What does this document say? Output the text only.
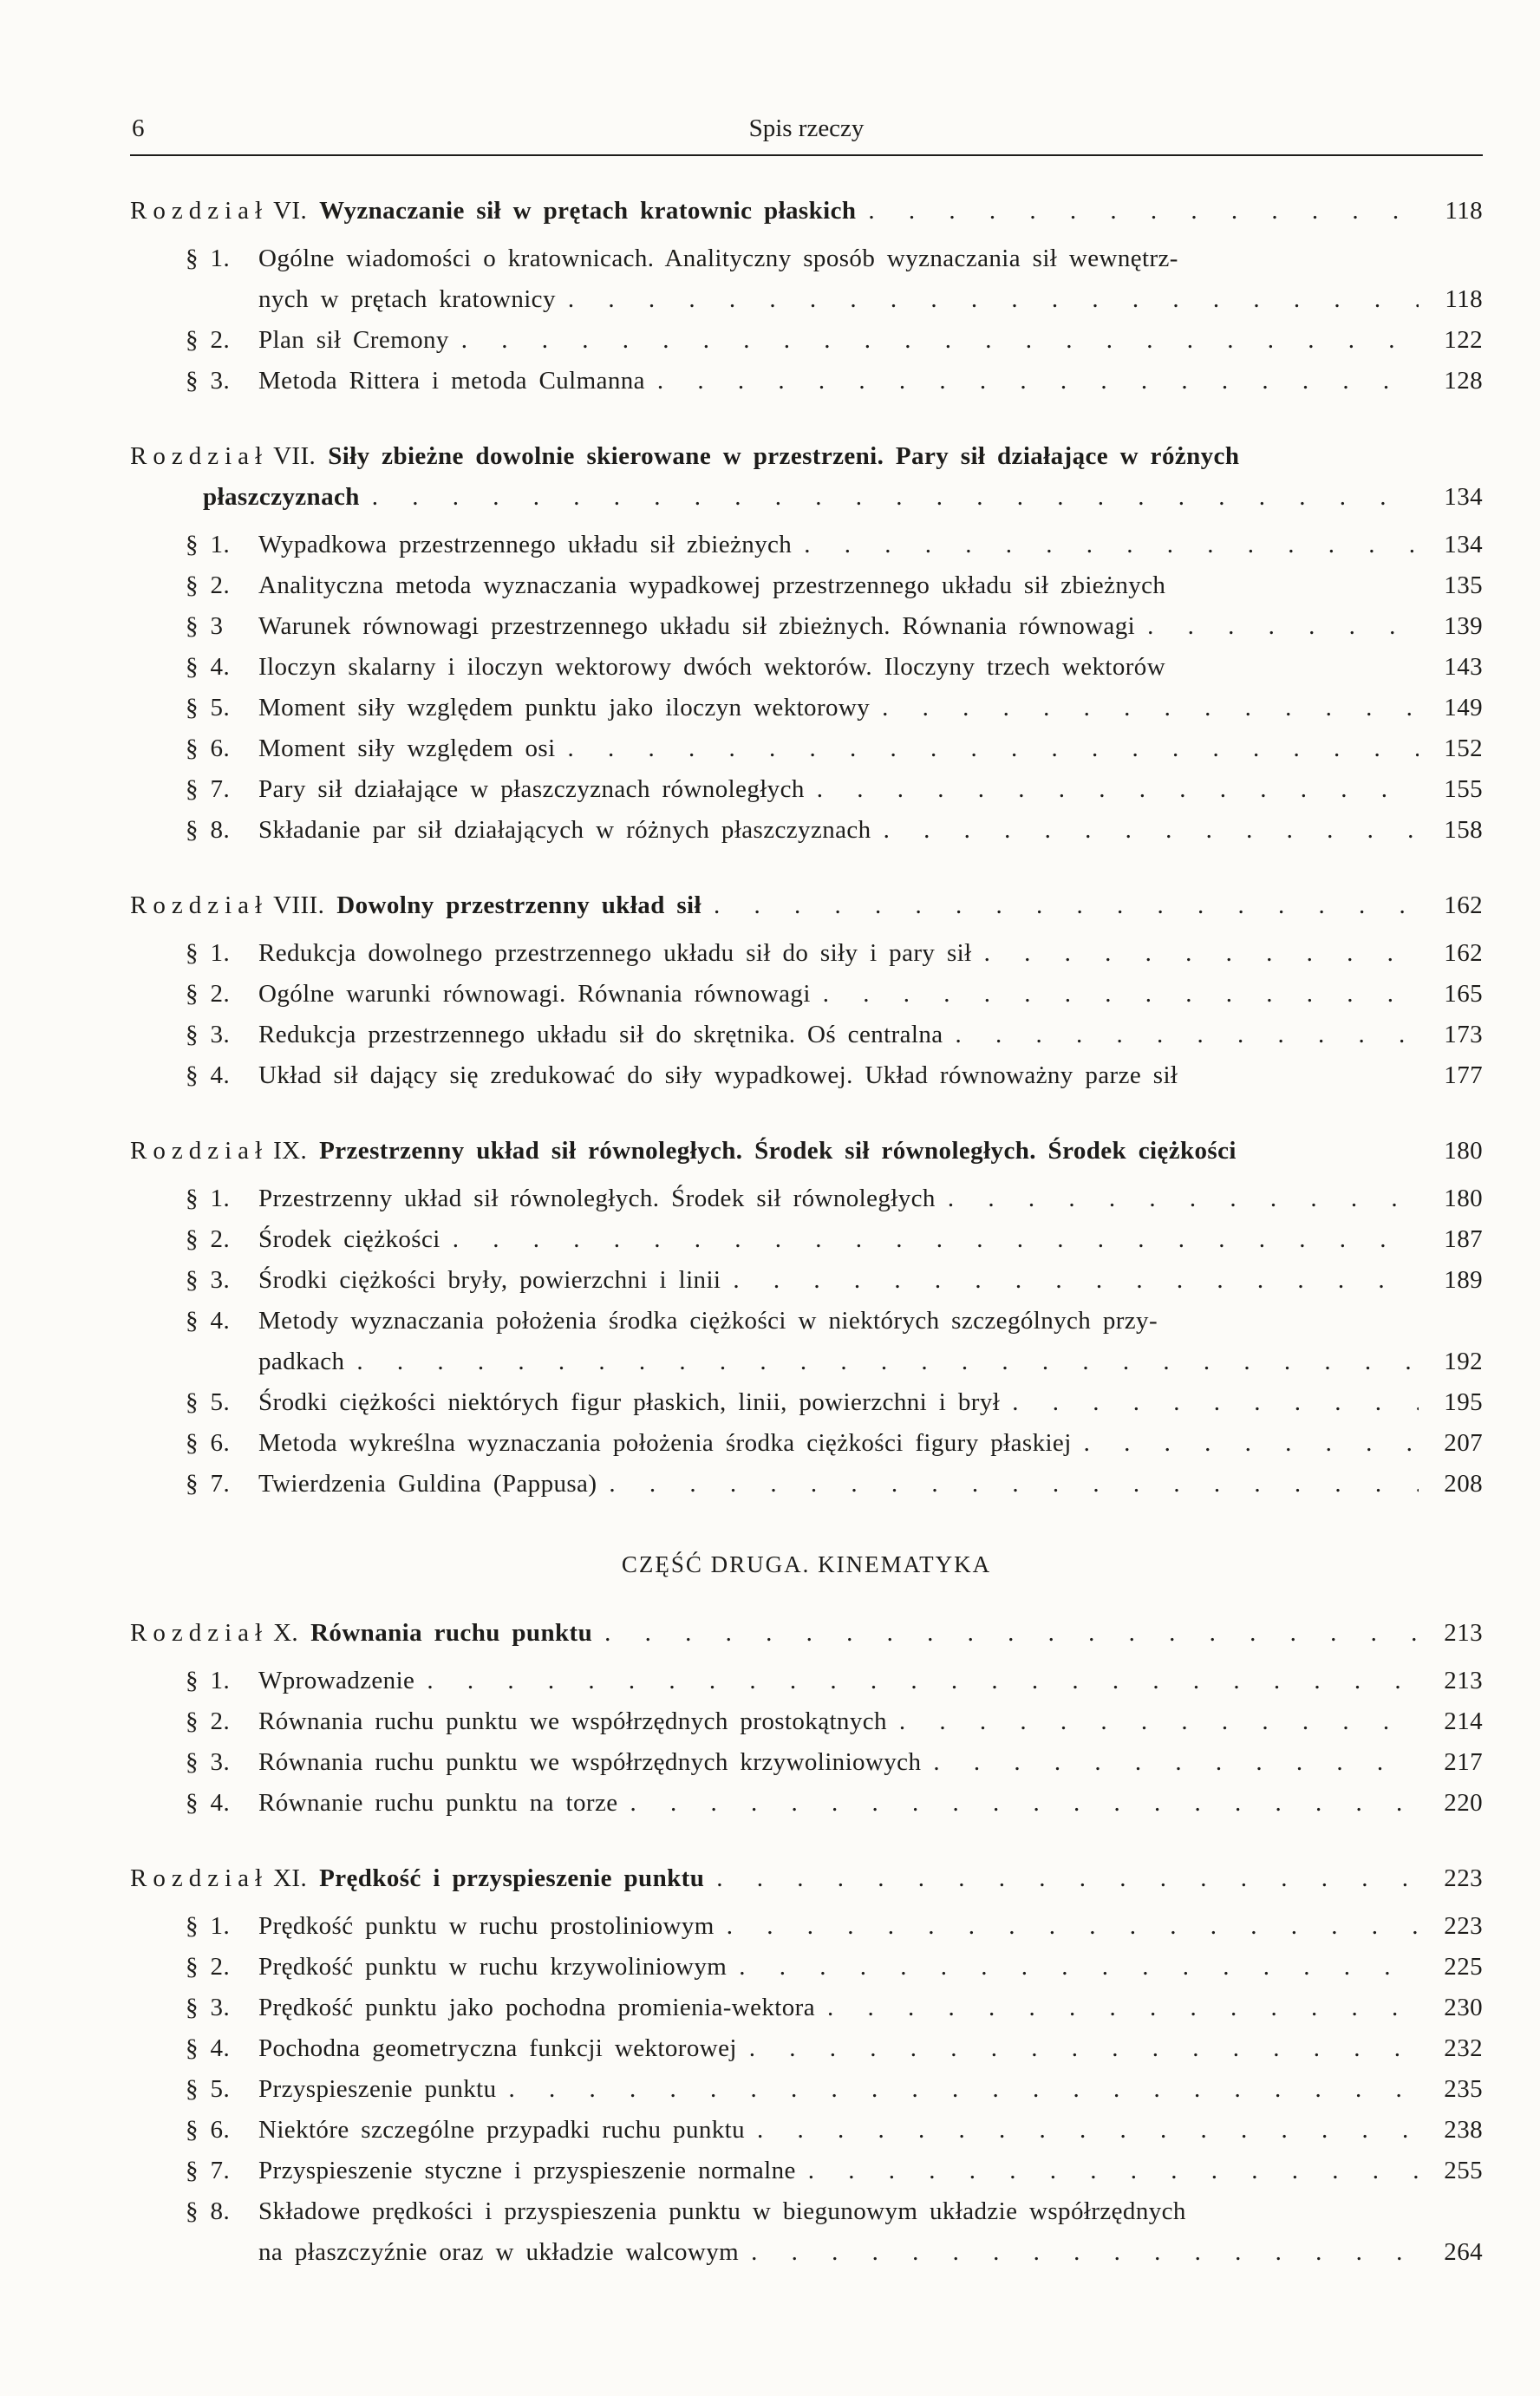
6	Spis rzeczy
Rozdział VI. Wyznaczanie sił w prętach kratownic płaskich . . .	118
§ 1.	Ogólne wiadomości o kratownicach. Analityczny sposób wyznaczania sił wewnętrz-
nych w prętach kratownicy . . .	118
§ 2.	Plan sił Cremony . . .	122
§ 3.	Metoda Rittera i metoda Culmanna . . .	128
Rozdział VII. Siły zbieżne dowolnie skierowane w przestrzeni. Pary sił działające w różnych
płaszczyznach . . .	134
§ 1.	Wypadkowa przestrzennego układu sił zbieżnych . . .	134
§ 2.	Analityczna metoda wyznaczania wypadkowej przestrzennego układu sił zbieżnych	135
§ 3	Warunek równowagi przestrzennego układu sił zbieżnych. Równania równowagi . . .	139
§ 4.	Iloczyn skalarny i iloczyn wektorowy dwóch wektorów. Iloczyny trzech wektorów	143
§ 5.	Moment siły względem punktu jako iloczyn wektorowy . . .	149
§ 6.	Moment siły względem osi . . .	152
§ 7.	Pary sił działające w płaszczyznach równoległych . . .	155
§ 8.	Składanie par sił działających w różnych płaszczyznach . . .	158
Rozdział VIII. Dowolny przestrzenny układ sił . . .	162
§ 1.	Redukcja dowolnego przestrzennego układu sił do siły i pary sił . . .	162
§ 2.	Ogólne warunki równowagi. Równania równowagi . . .	165
§ 3.	Redukcja przestrzennego układu sił do skrętnika. Oś centralna . . .	173
§ 4.	Układ sił dający się zredukować do siły wypadkowej. Układ równoważny parze sił	177
Rozdział IX. Przestrzenny układ sił równoległych. Środek sił równoległych. Środek ciężkości	180
§ 1.	Przestrzenny układ sił równoległych. Środek sił równoległych . . .	180
§ 2.	Środek ciężkości . . .	187
§ 3.	Środki ciężkości bryły, powierzchni i linii . . .	189
§ 4.	Metody wyznaczania położenia środka ciężkości w niektórych szczególnych przy-
padkach . . .	192
§ 5.	Środki ciężkości niektórych figur płaskich, linii, powierzchni i brył . . .	195
§ 6.	Metoda wykreślna wyznaczania położenia środka ciężkości figury płaskiej . . .	207
§ 7.	Twierdzenia Guldina (Pappusa) . . .	208
CZĘŚĆ DRUGA. KINEMATYKA
Rozdział X. Równania ruchu punktu . . .	213
§ 1.	Wprowadzenie . . .	213
§ 2.	Równania ruchu punktu we współrzędnych prostokątnych . . .	214
§ 3.	Równania ruchu punktu we współrzędnych krzywoliniowych . . .	217
§ 4.	Równanie ruchu punktu na torze . . .	220
Rozdział XI. Prędkość i przyspieszenie punktu . . .	223
§ 1.	Prędkość punktu w ruchu prostoliniowym . . .	223
§ 2.	Prędkość punktu w ruchu krzywoliniowym . . .	225
§ 3.	Prędkość punktu jako pochodna promienia-wektora . . .	230
§ 4.	Pochodna geometryczna funkcji wektorowej . . .	232
§ 5.	Przyspieszenie punktu . . .	235
§ 6.	Niektóre szczególne przypadki ruchu punktu . . .	238
§ 7.	Przyspieszenie styczne i przyspieszenie normalne . . .	255
§ 8.	Składowe prędkości i przyspieszenia punktu w biegunowym układzie współrzędnych
na płaszczyźnie oraz w układzie walcowym . . .	264
